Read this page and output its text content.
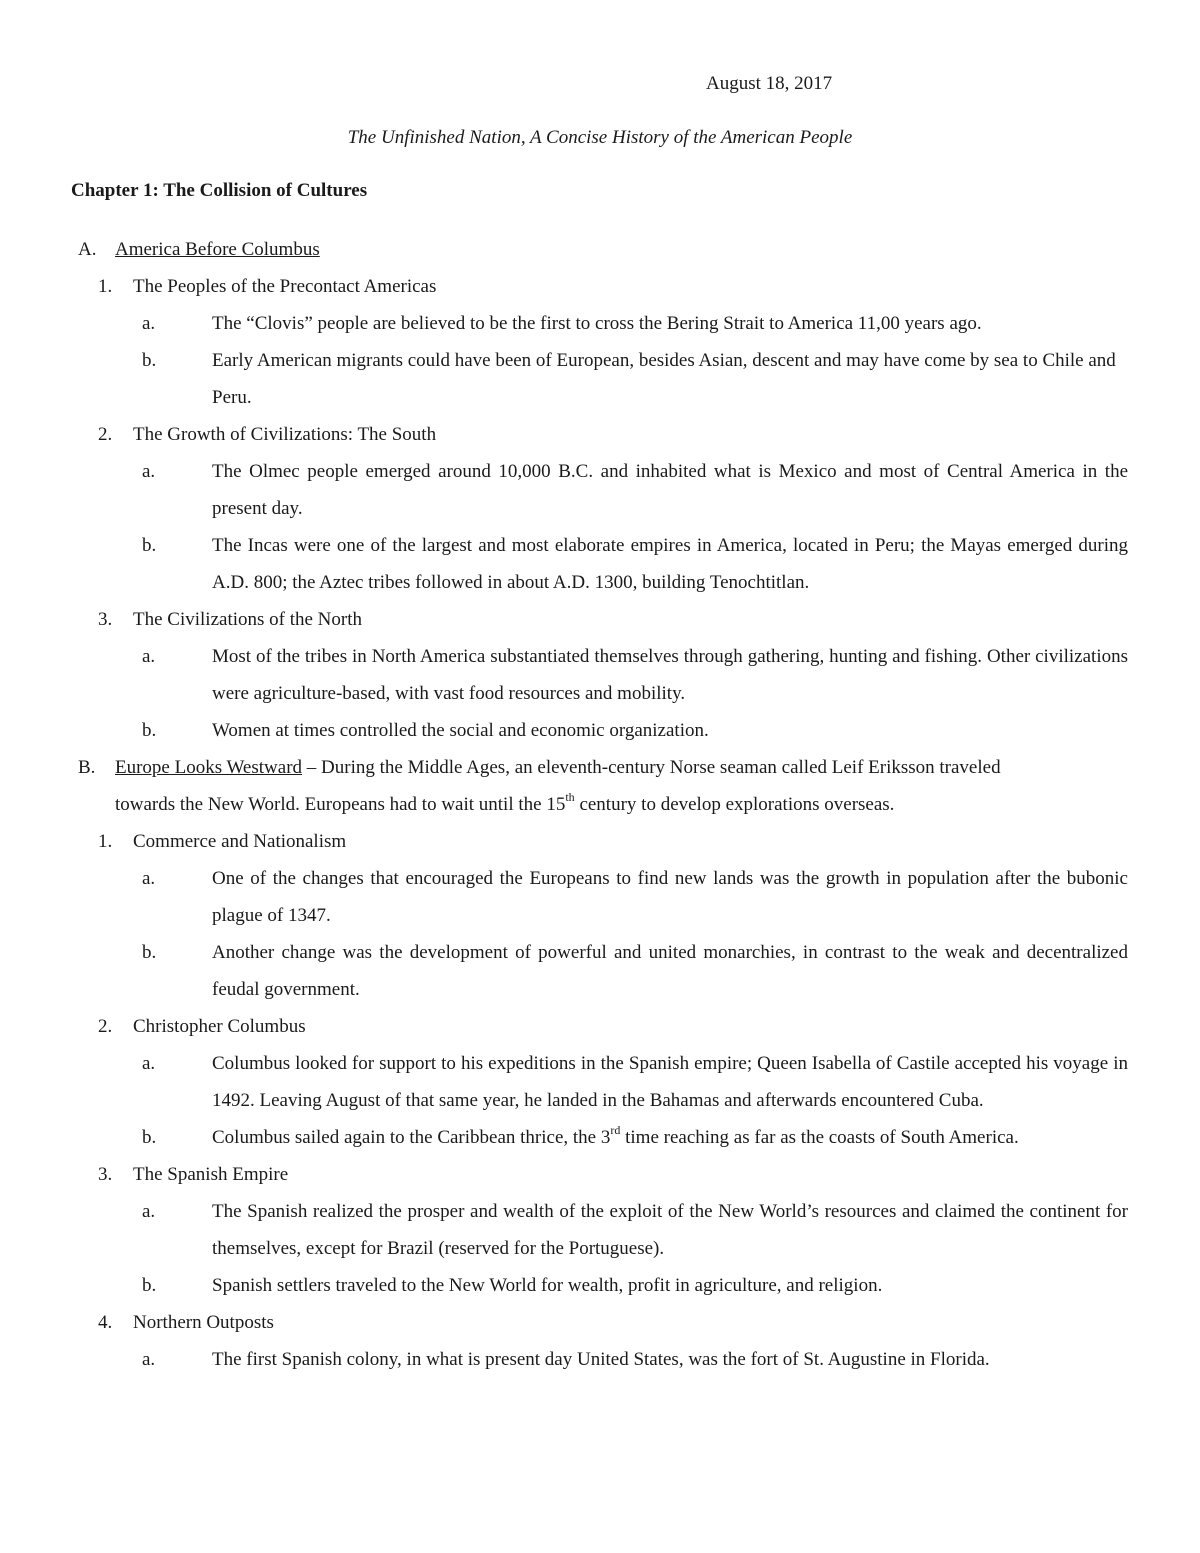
August 18, 2017
The Unfinished Nation, A Concise History of the American People
Chapter 1: The Collision of Cultures
A. America Before Columbus
1. The Peoples of the Precontact Americas
a.	The “Clovis” people are believed to be the first to cross the Bering Strait to America 11,00 years ago.
b.	Early American migrants could have been of European, besides Asian, descent and may have come by sea to Chile and Peru.
2. The Growth of Civilizations: The South
a.	The Olmec people emerged around 10,000 B.C. and inhabited what is Mexico and most of Central America in the present day.
b.	The Incas were one of the largest and most elaborate empires in America, located in Peru; the Mayas emerged during A.D. 800; the Aztec tribes followed in about A.D. 1300, building Tenochtitlan.
3. The Civilizations of the North
a.	Most of the tribes in North America substantiated themselves through gathering, hunting and fishing. Other civilizations were agriculture-based, with vast food resources and mobility.
b.	Women at times controlled the social and economic organization.
B. Europe Looks Westward – During the Middle Ages, an eleventh-century Norse seaman called Leif Eriksson traveled
towards the New World. Europeans had to wait until the 15th century to develop explorations overseas.
1. Commerce and Nationalism
a.	One of the changes that encouraged the Europeans to find new lands was the growth in population after the bubonic plague of 1347.
b.	Another change was the development of powerful and united monarchies, in contrast to the weak and decentralized feudal government.
2. Christopher Columbus
a.	Columbus looked for support to his expeditions in the Spanish empire; Queen Isabella of Castile accepted his voyage in 1492. Leaving August of that same year, he landed in the Bahamas and afterwards encountered Cuba.
b.	Columbus sailed again to the Caribbean thrice, the 3rd time reaching as far as the coasts of South America.
3. The Spanish Empire
a.	The Spanish realized the prosper and wealth of the exploit of the New World’s resources and claimed the continent for themselves, except for Brazil (reserved for the Portuguese).
b.	Spanish settlers traveled to the New World for wealth, profit in agriculture, and religion.
4. Northern Outposts
a.	The first Spanish colony, in what is present day United States, was the fort of St. Augustine in Florida.
